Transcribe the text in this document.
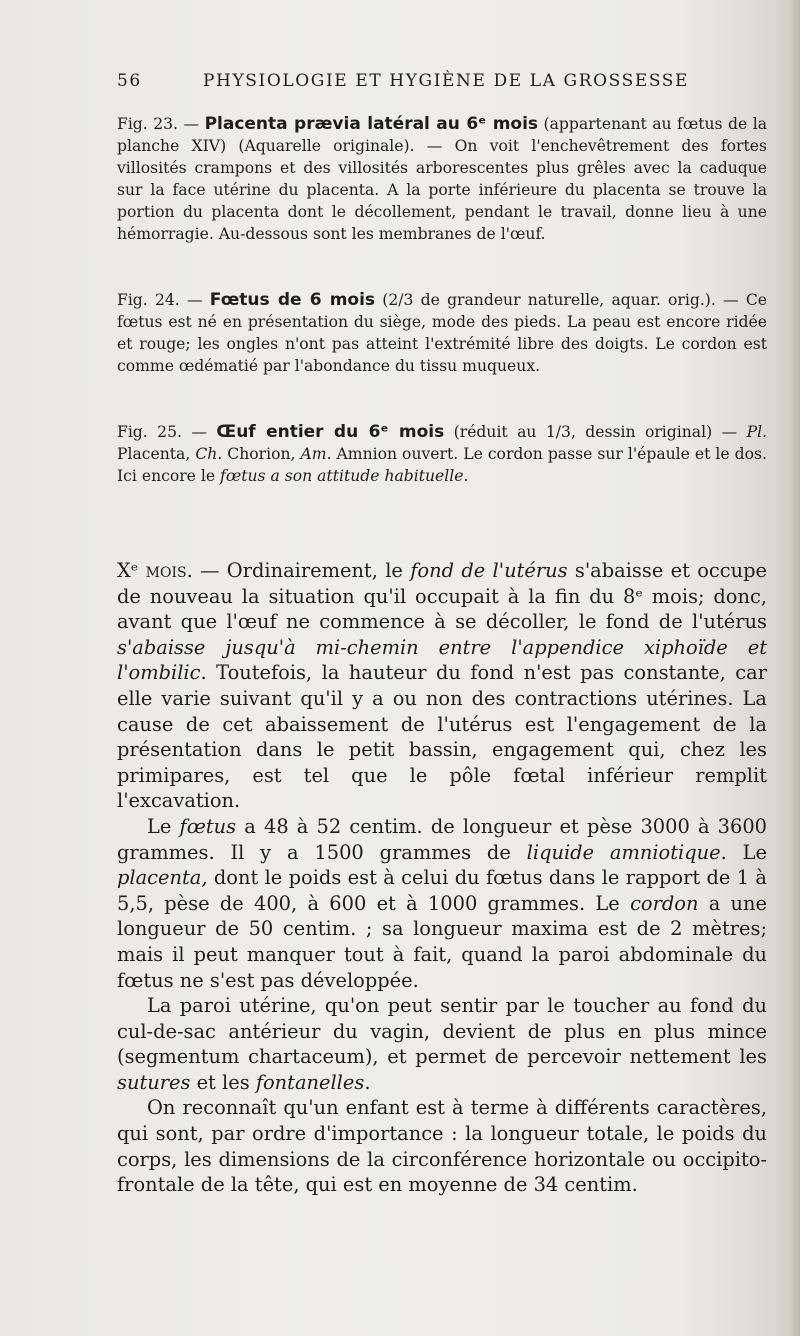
56	PHYSIOLOGIE ET HYGIÈNE DE LA GROSSESSE
Fig. 23. — Placenta prævia latéral au 6ᵉ mois (appartenant au fœtus de la planche XIV) (Aquarelle originale). — On voit l'enchevêtrement des fortes villosités crampons et des villosités arborescentes plus grêles avec la caduque sur la face utérine du placenta. A la porte inférieure du placenta se trouve la portion du placenta dont le décollement, pendant le travail, donne lieu à une hémorragie. Au-dessous sont les membranes de l'œuf.
Fig. 24. — Fœtus de 6 mois (2/3 de grandeur naturelle, aquar. orig.). — Ce fœtus est né en présentation du siège, mode des pieds. La peau est encore ridée et rouge; les ongles n'ont pas atteint l'extrémité libre des doigts. Le cordon est comme œdématié par l'abondance du tissu muqueux.
Fig. 25. — Œuf entier du 6ᵉ mois (réduit au 1/3, dessin original) — Pl. Placenta, Ch. Chorion, Am. Amnion ouvert. Le cordon passe sur l'épaule et le dos. Ici encore le fœtus a son attitude habituelle.

Xᵉ mois. — Ordinairement, le fond de l'utérus s'abaisse et occupe de nouveau la situation qu'il occupait à la fin du 8ᵉ mois; donc, avant que l'œuf ne commence à se décoller, le fond de l'utérus s'abaisse jusqu'à mi-chemin entre l'appendice xiphoïde et l'ombilic. Toutefois, la hauteur du fond n'est pas constante, car elle varie suivant qu'il y a ou non des contractions utérines. La cause de cet abaissement de l'utérus est l'engagement de la présentation dans le petit bassin, engagement qui, chez les primipares, est tel que le pôle fœtal inférieur remplit l'excavation.

Le fœtus a 48 à 52 centim. de longueur et pèse 3000 à 3600 grammes. Il y a 1500 grammes de liquide amniotique. Le placenta, dont le poids est à celui du fœtus dans le rapport de 1 à 5,5, pèse de 400, à 600 et à 1000 grammes. Le cordon a une longueur de 50 centim. ; sa longueur maxima est de 2 mètres; mais il peut manquer tout à fait, quand la paroi abdominale du fœtus ne s'est pas développée.

La paroi utérine, qu'on peut sentir par le toucher au fond du cul-de-sac antérieur du vagin, devient de plus en plus mince (segmentum chartaceum), et permet de percevoir nettement les sutures et les fontanelles.

On reconnaît qu'un enfant est à terme à différents caractères, qui sont, par ordre d'importance : la longueur totale, le poids du corps, les dimensions de la circonférence horizontale ou occipito-frontale de la tête, qui est en moyenne de 34 centim.
